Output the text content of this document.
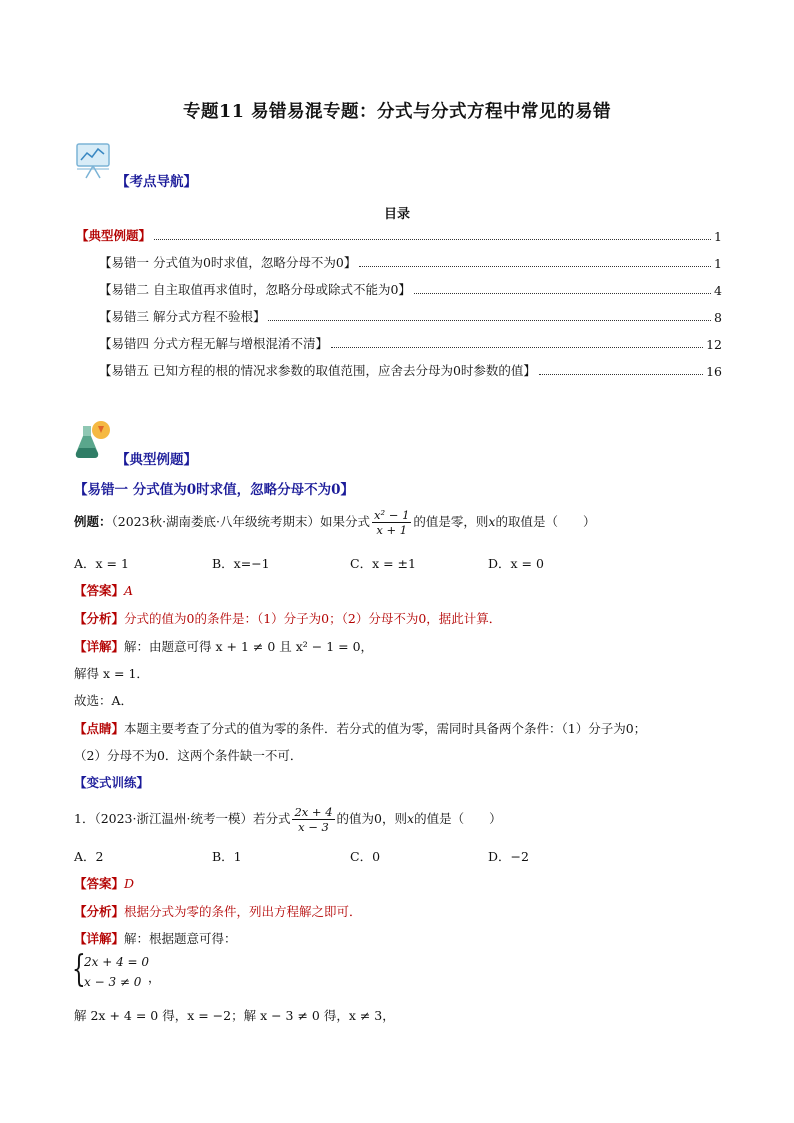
专题11 易错易混专题：分式与分式方程中常见的易错
【考点导航】
目录
【典型例题】	1
【易错一 分式值为0时求值，忽略分母不为0】	1
【易错二 自主取值再求值时，忽略分母或除式不能为0】	4
【易错三 解分式方程不验根】	8
【易错四 分式方程无解与增根混淆不清】	12
【易错五 已知方程的根的情况求参数的取值范围，应舍去分母为0时参数的值】	16
【典型例题】
【易错一 分式值为0时求值，忽略分母不为0】
例题：（2023秋·湖南娄底·八年级统考期末）如果分式 $\frac{\text{x² − 1}}{x + 1}$ 的值是零，则x的取值是（　　）
A．x = 1	B．x=−1	C．x = ±1	D．x = 0
【答案】A
【分析】分式的值为0的条件是：（1）分子为0；（2）分母不为0，据此计算．
【详解】解：由题意可得 x + 1 ≠ 0 且 x² − 1 = 0，
解得 x = 1．
故选：A．
【点睛】本题主要考查了分式的值为零的条件．若分式的值为零，需同时具备两个条件：（1）分子为0；
（2）分母不为0．这两个条件缺一不可．
【变式训练】
1．（2023·浙江温州·统考一模）若分式 $\frac{2x + 4}{x - 3}$ 的值为0，则x的值是（　　）
A．2	B．1	C．0	D．−2
【答案】D
【分析】根据分式为零的条件，列出方程解之即可．
【详解】解：根据题意可得：
{
2x + 4 = 0
x − 3 ≠ 0 ，
解 2x + 4 = 0 得，x = −2；解 x − 3 ≠ 0 得，x ≠ 3，
